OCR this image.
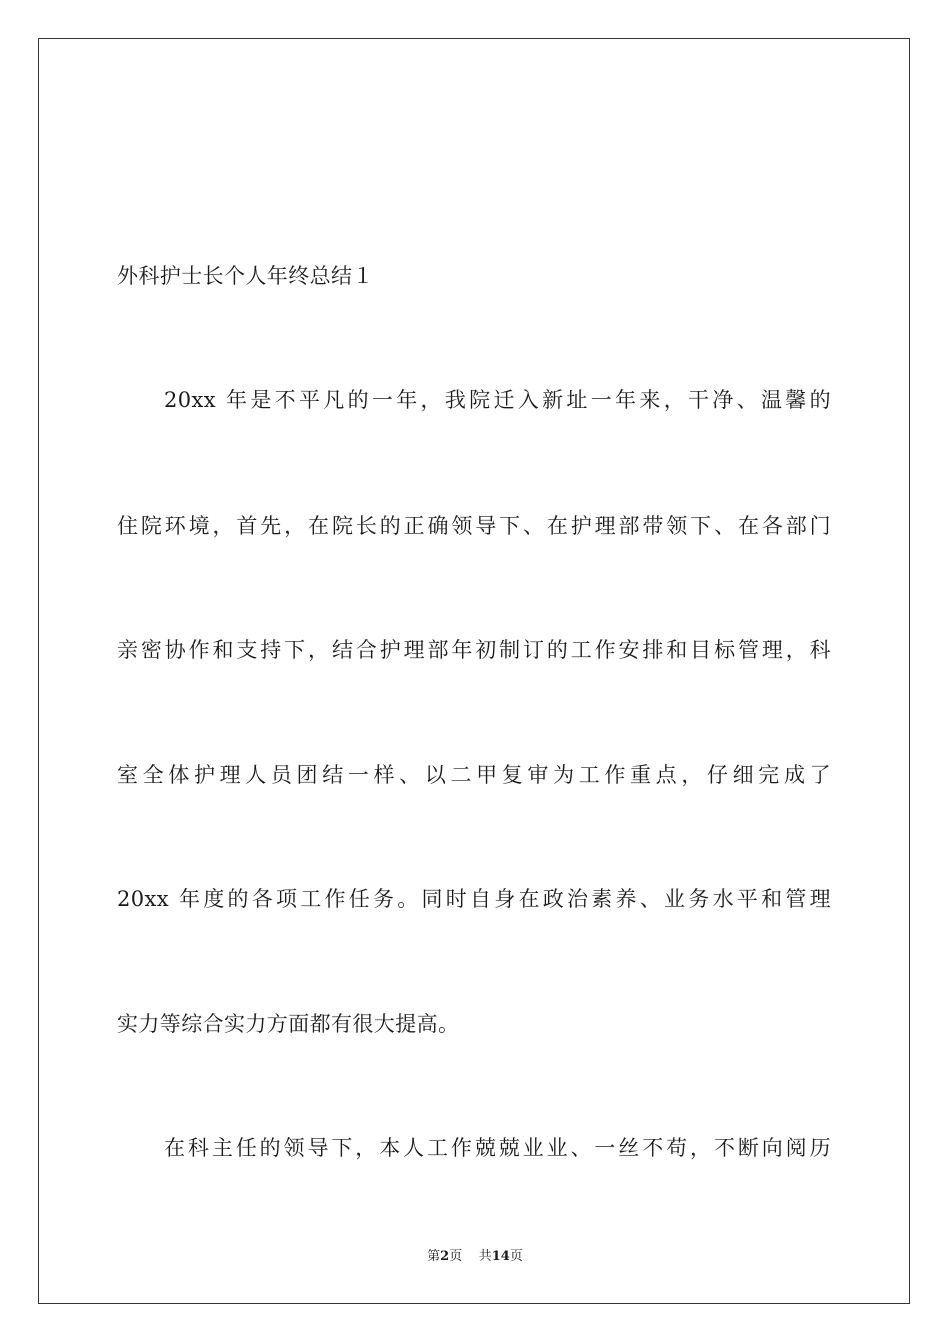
外科护士长个人年终总结１
20xx 年是不平凡的一年，我院迁入新址一年来，干净、温馨的
住院环境，首先，在院长的正确领导下、在护理部带领下、在各部门
亲密协作和支持下，结合护理部年初制订的工作安排和目标管理，科
室全体护理人员团结一样、以二甲复审为工作重点，仔细完成了
20xx 年度的各项工作任务。同时自身在政治素养、业务水平和管理
实力等综合实力方面都有很大提高。
在科主任的领导下，本人工作兢兢业业、一丝不苟，不断向阅历
第2页 共14页
